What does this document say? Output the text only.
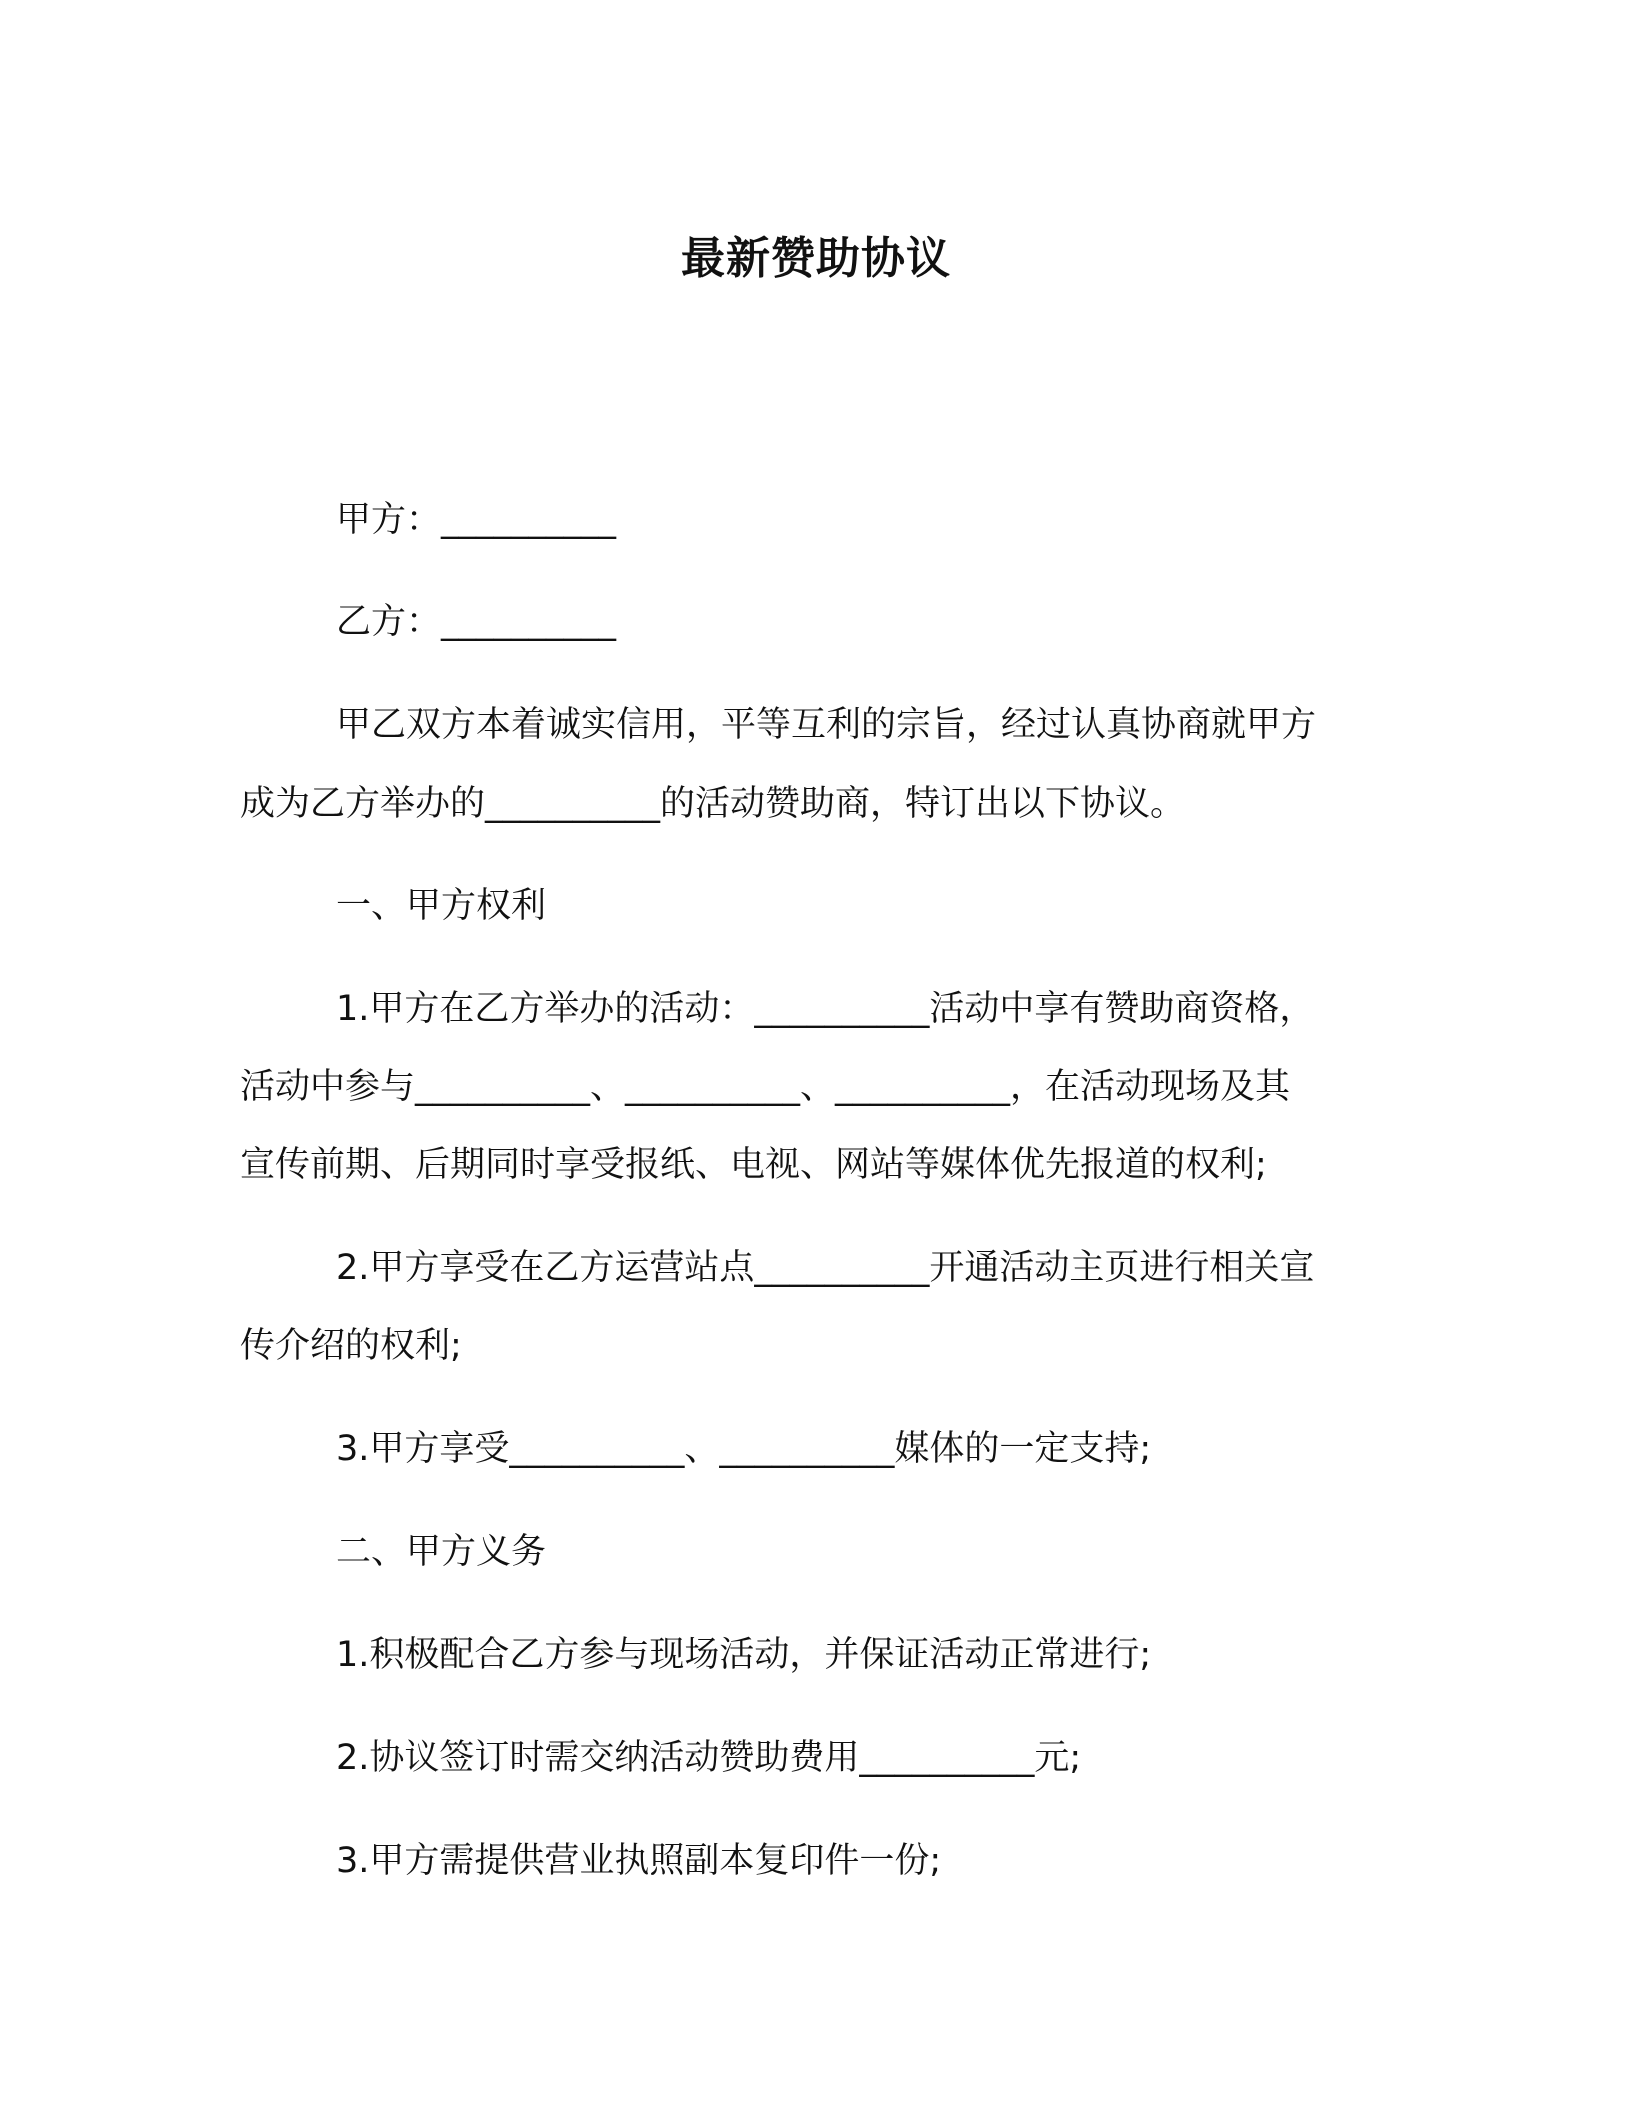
最新赞助协议
甲方：__________
乙方：__________
甲乙双方本着诚实信用，平等互利的宗旨，经过认真协商就甲方
成为乙方举办的__________的活动赞助商，特订出以下协议。
一、甲方权利
1.甲方在乙方举办的活动：__________活动中享有赞助商资格，
活动中参与__________、__________、__________，在活动现场及其
宣传前期、后期同时享受报纸、电视、网站等媒体优先报道的权利;
2.甲方享受在乙方运营站点__________开通活动主页进行相关宣
传介绍的权利;
3.甲方享受__________、__________媒体的一定支持;
二、甲方义务
1.积极配合乙方参与现场活动，并保证活动正常进行;
2.协议签订时需交纳活动赞助费用__________元;
3.甲方需提供营业执照副本复印件一份;
